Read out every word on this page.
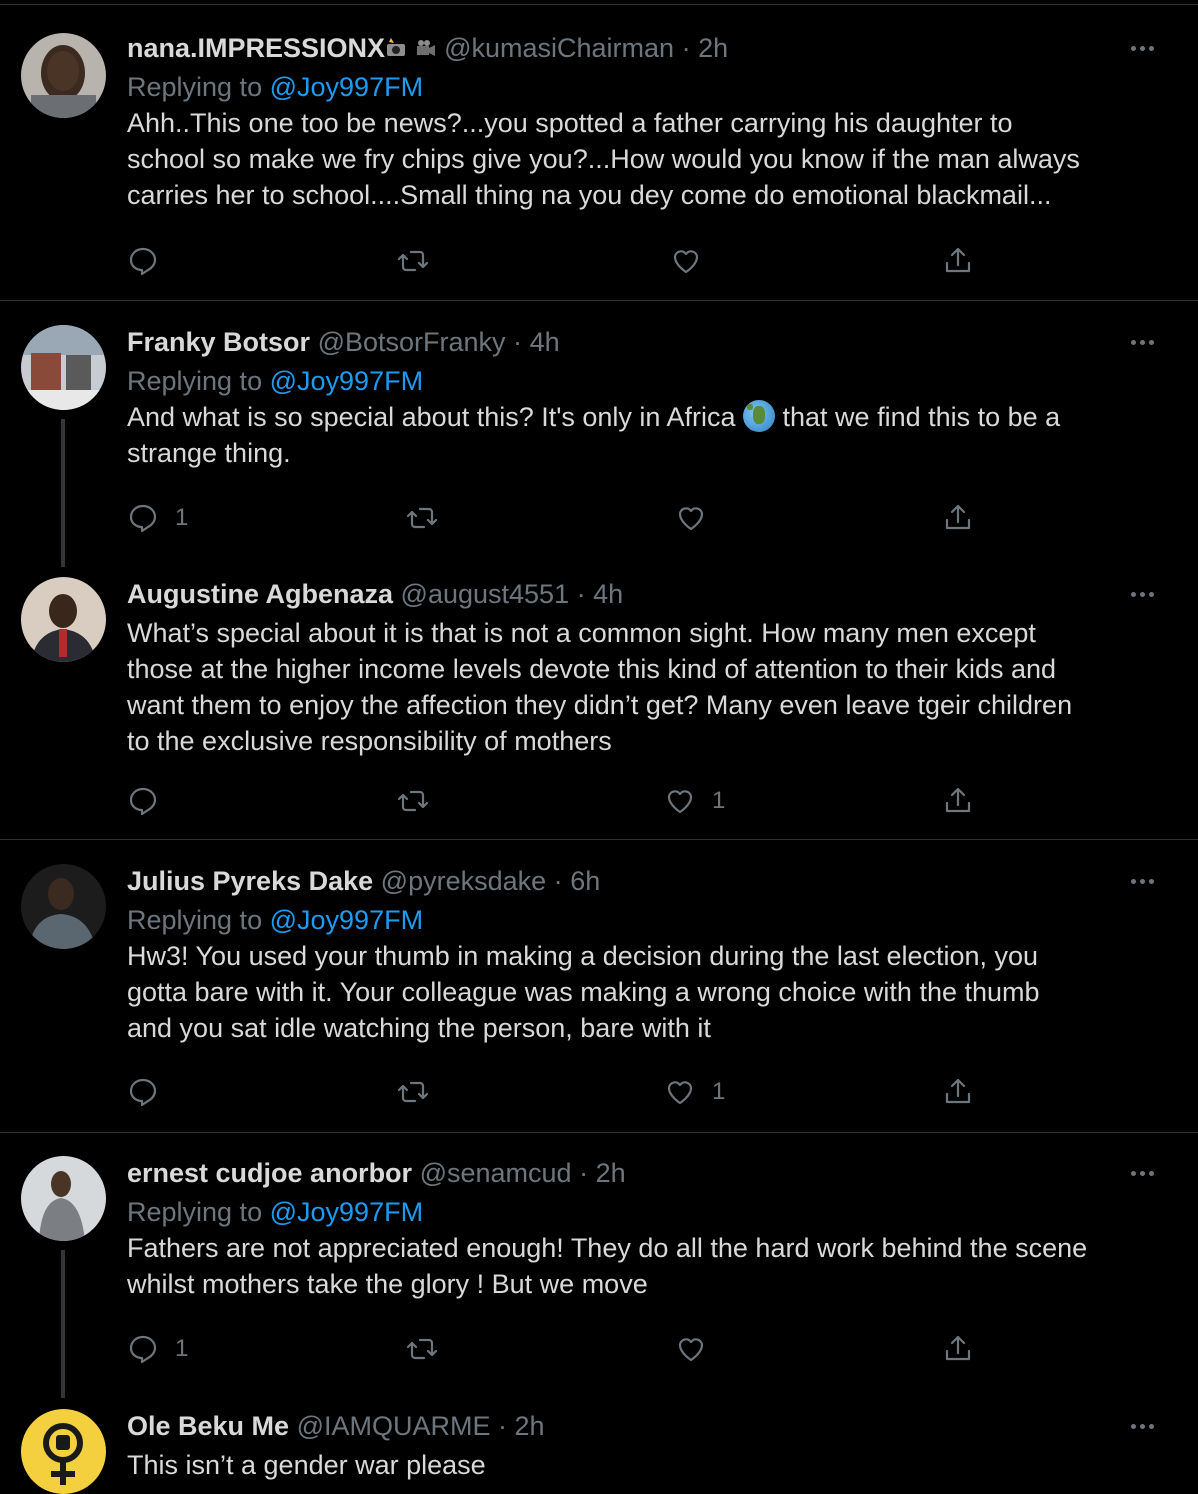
nana.IMPRESSIONX @kumasiChairman · 2h
Replying to @Joy997FM
Ahh..This one too be news?...you spotted a father carrying his daughter to
school so make we fry chips give you?...How would you know if the man always
carries her to school....Small thing na you dey come do emotional blackmail...
Franky Botsor @BotsorFranky · 4h
Replying to @Joy997FM
And what is so special about this? It's only in Africa that we find this to be a
strange thing.
1
Augustine Agbenaza @august4551 · 4h
What’s special about it is that is not a common sight. How many men except
those at the higher income levels devote this kind of attention to their kids and
want them to enjoy the affection they didn’t get? Many even leave tgeir children
to the exclusive responsibility of mothers
1
Julius Pyreks Dake @pyreksdake · 6h
Replying to @Joy997FM
Hw3! You used your thumb in making a decision during the last election, you
gotta bare with it. Your colleague was making a wrong choice with the thumb
and you sat idle watching the person, bare with it
1
ernest cudjoe anorbor @senamcud · 2h
Replying to @Joy997FM
Fathers are not appreciated enough! They do all the hard work behind the scene
whilst mothers take the glory ! But we move
1
Ole Beku Me @IAMQUARME · 2h
This isn’t a gender war please
